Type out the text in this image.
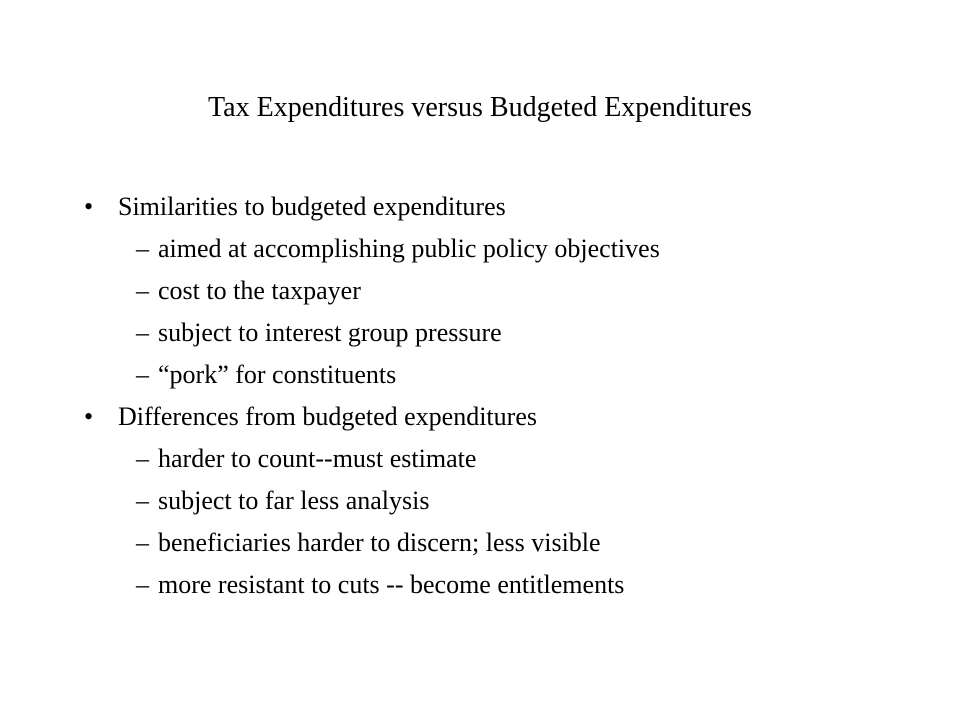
Tax Expenditures versus Budgeted Expenditures
• Similarities to budgeted expenditures
– aimed at accomplishing public policy objectives
– cost to the taxpayer
– subject to interest group pressure
– “pork” for constituents
• Differences from budgeted expenditures
– harder to count--must estimate
– subject to far less analysis
– beneficiaries harder to discern; less visible
– more resistant to cuts -- become entitlements
